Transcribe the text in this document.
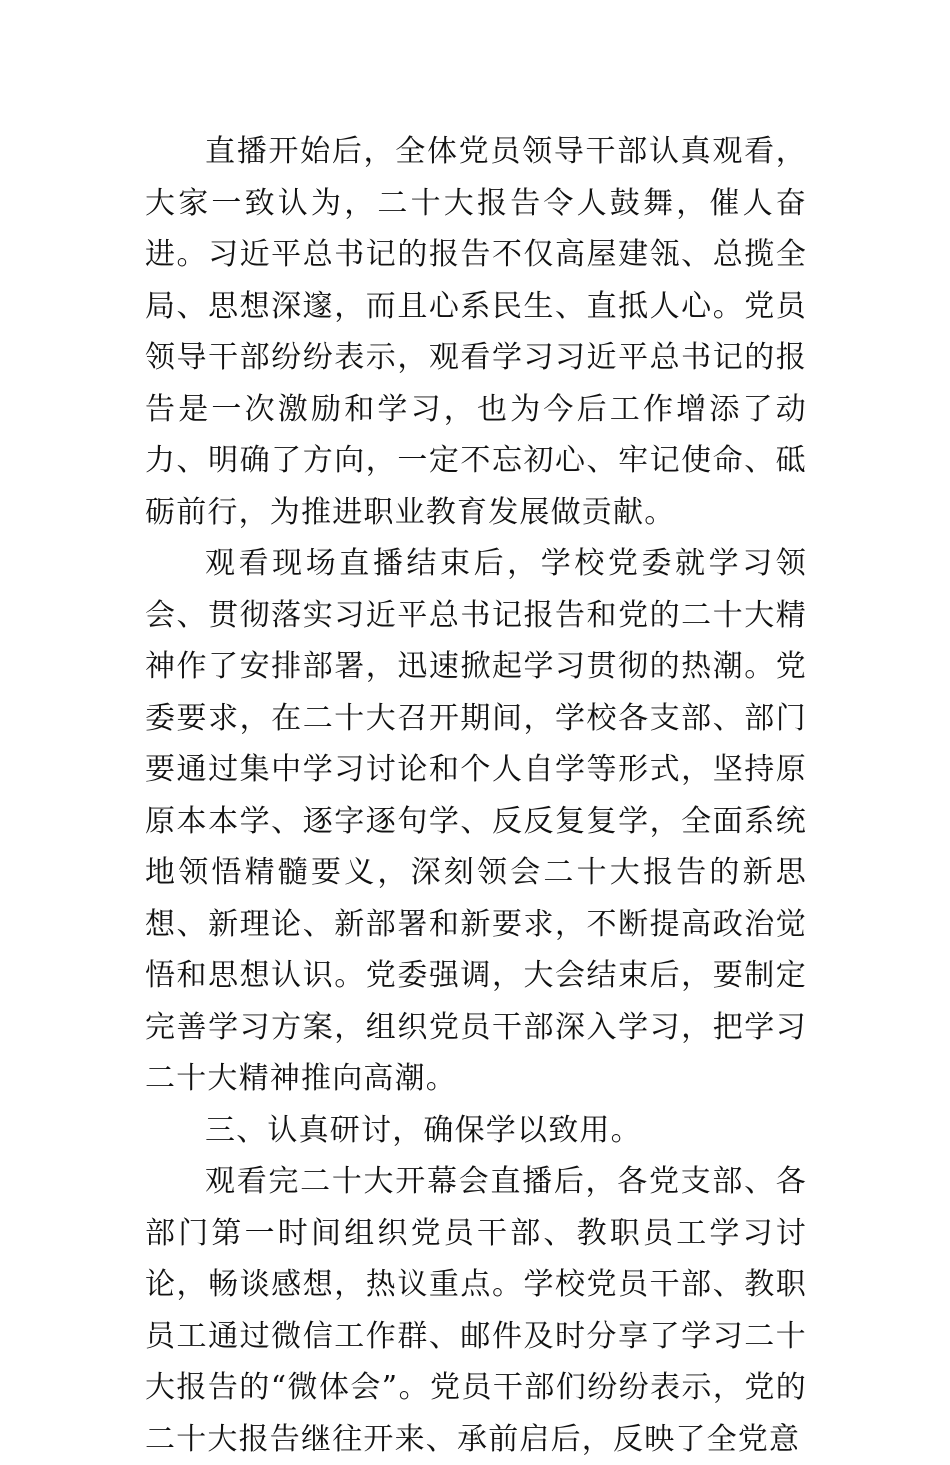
直播开始后，全体党员领导干部认真观看，大家一致认为，二十大报告令人鼓舞，催人奋进。习近平总书记的报告不仅高屋建瓴、总揽全局、思想深邃，而且心系民生、直抵人心。党员领导干部纷纷表示，观看学习习近平总书记的报告是一次激励和学习，也为今后工作增添了动力、明确了方向，一定不忘初心、牢记使命、砥砺前行，为推进职业教育发展做贡献。

观看现场直播结束后，学校党委就学习领会、贯彻落实习近平总书记报告和党的二十大精神作了安排部署，迅速掀起学习贯彻的热潮。党委要求，在二十大召开期间，学校各支部、部门要通过集中学习讨论和个人自学等形式，坚持原原本本学、逐字逐句学、反反复复学，全面系统地领悟精髓要义，深刻领会二十大报告的新思想、新理论、新部署和新要求，不断提高政治觉悟和思想认识。党委强调，大会结束后，要制定完善学习方案，组织党员干部深入学习，把学习二十大精神推向高潮。

三、认真研讨，确保学以致用。

观看完二十大开幕会直播后，各党支部、各部门第一时间组织党员干部、教职员工学习讨论，畅谈感想，热议重点。学校党员干部、教职员工通过微信工作群、邮件及时分享了学习二十大报告的“微体会”。党员干部们纷纷表示，党的二十大报告继往开来、承前启后，反映了全党意
